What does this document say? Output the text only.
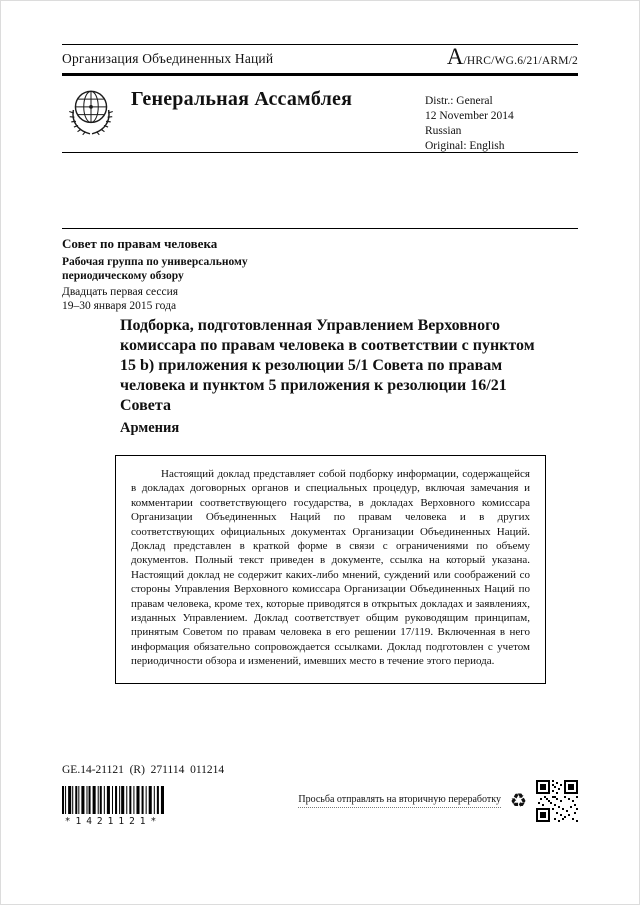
Организация Объединенных Наций	A /HRC/WG.6/21/ARM/2
Генеральная Ассамблея	Distr.: General
12 November 2014
Russian
Original: English
Совет по правам человека
Рабочая группа по универсальному периодическому обзору
Двадцать первая сессия
19–30 января 2015 года
Подборка, подготовленная Управлением Верховного комиссара по правам человека в соответствии с пунктом 15 b) приложения к резолюции 5/1 Совета по правам человека и пунктом 5 приложения к резолюции 16/21 Совета
Армения

Настоящий доклад представляет собой подборку информации, содержащейся в докладах договорных органов и специальных процедур, включая замечания и комментарии соответствующего государства, в докладах Верховного комиссара Организации Объединенных Наций по правам человека и в других соответствующих официальных документах Организации Объединенных Наций. Доклад представлен в краткой форме в связи с ограничениями по объему документов. Полный текст приведен в документе, ссылка на который указана. Настоящий доклад не содержит каких-либо мнений, суждений или соображений со стороны Управления Верховного комиссара Организации Объединенных Наций по правам человека, кроме тех, которые приводятся в открытых докладах и заявлениях, изданных Управлением. Доклад соответствует общим руководящим принципам, принятым Советом по правам человека в его решении 17/119. Включенная в него информация обязательно сопровождается ссылками. Доклад подготовлен с учетом периодичности обзора и изменений, имевших место в течение этого периода.

GE.14-21121  (R)  271114  011214
*1421121*
Просьба отправлять на вторичную переработку ♻
